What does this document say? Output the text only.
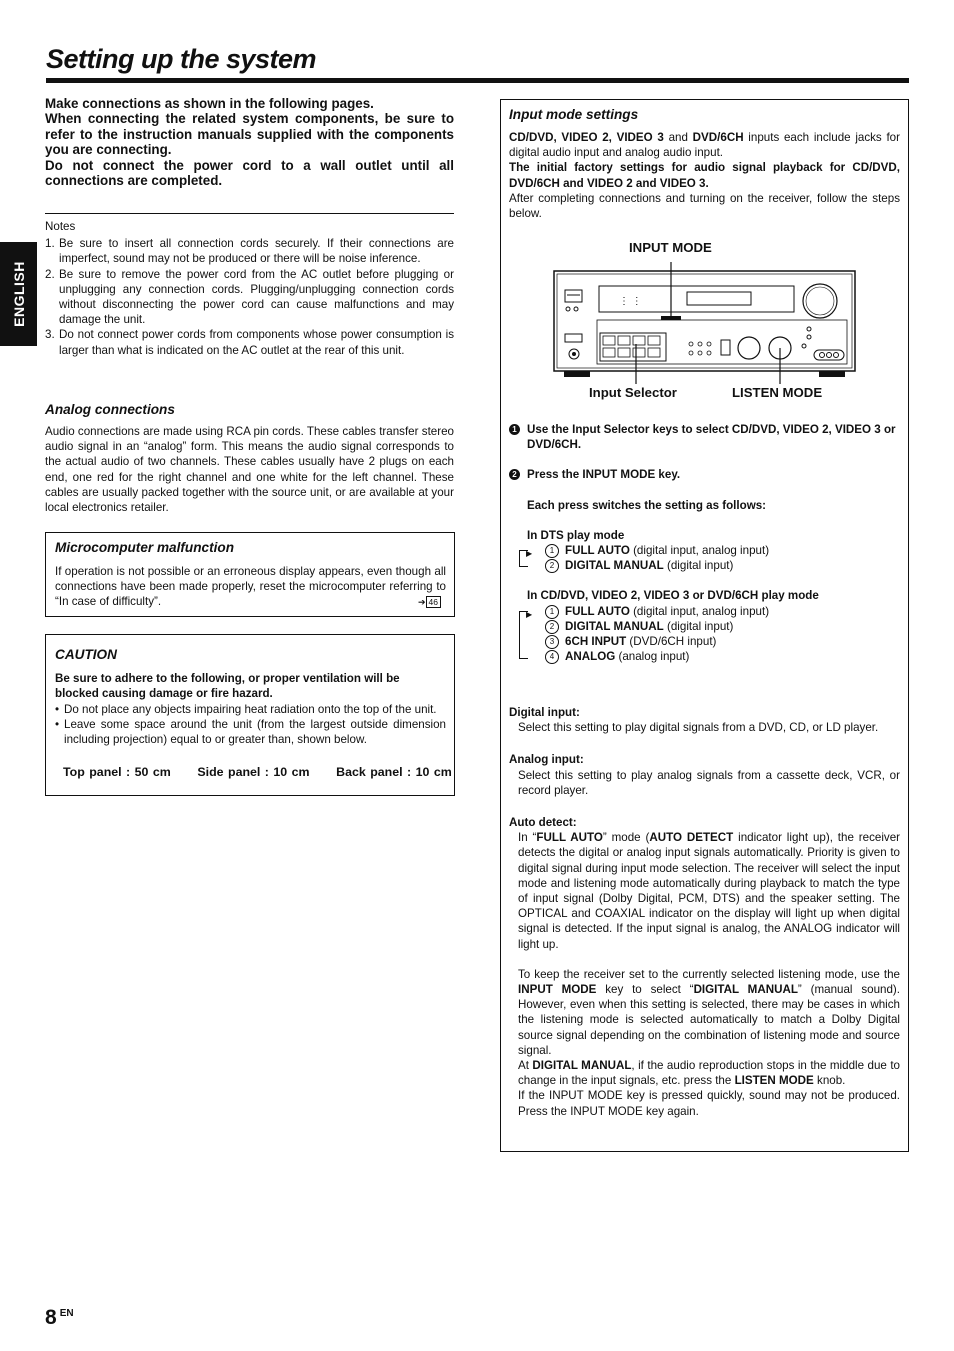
Setting up the system
ENGLISH

Make connections as shown in the following pages.

When connecting the related system components, be sure to refer to the instruction manuals supplied with the components you are connecting.

Do not connect the power cord to a wall outlet until all connections are completed.

Notes
1. Be sure to insert all connection cords securely. If their connections are imperfect, sound may not be produced or there will be noise inference.
2. Be sure to remove the power cord from the AC outlet before plugging or unplugging any connection cords. Plugging/unplugging connection cords without disconnecting the power cord can cause malfunctions and may damage the unit.
3. Do not connect power cords from components whose power consumption is larger than what is indicated on the AC outlet at the rear of this unit.
Analog connections
Audio connections are made using RCA pin cords. These cables transfer stereo audio signal in an “analog” form. This means the audio signal corresponds to the actual audio of two channels. These cables usually have 2 plugs on each end, one red for the right channel and one white for the left channel. These cables are usually packed together with the source unit, or are available at your local electronics retailer.
Microcomputer malfunction
If operation is not possible or an erroneous display appears, even though all connections have been made properly, reset the microcomputer referring to “In case of difficulty”.	➔ 46
CAUTION
Be sure to adhere to the following, or proper ventilation will be blocked causing damage or fire hazard.
• Do not place any objects impairing heat radiation onto the top of the unit.
• Leave some space around the unit (from the largest outside dimension including projection) equal to or greater than, shown below.
Top panel : 50 cm      Side panel : 10 cm      Back panel : 10 cm
Input mode settings
CD/DVD, VIDEO 2, VIDEO 3 and DVD/6CH inputs each include jacks for digital audio input and analog audio input.
The initial factory settings for audio signal playback for CD/DVD, DVD/6CH and VIDEO 2 and VIDEO 3.
After completing connections and turning on the receiver, follow the steps below.
INPUT MODE
⋮ ⋮
Input Selector	LISTEN MODE
1 Use the Input Selector keys to select CD/DVD, VIDEO 2, VIDEO 3 or DVD/6CH.
2 Press the INPUT MODE key.
Each press switches the setting as follows:
In DTS play mode
▶	1 FULL AUTO (digital input, analog input)
2 DIGITAL MANUAL (digital input)
In CD/DVD, VIDEO 2, VIDEO 3 or DVD/6CH play mode
▶	1 FULL AUTO (digital input, analog input)
2 DIGITAL MANUAL (digital input)
3 6CH INPUT (DVD/6CH input)
4 ANALOG (analog input)
Digital input:
Select this setting to play digital signals from a DVD, CD, or LD player.
Analog input:
Select this setting to play analog signals from a cassette deck, VCR, or record player.
Auto detect:
In “FULL AUTO” mode (AUTO DETECT indicator light up), the receiver detects the digital or analog input signals automatically. Priority is given to digital signal during input mode selection. The receiver will select the input mode and listening mode automatically during playback to match the type of input signal (Dolby Digital, PCM, DTS) and the speaker setting. The OPTICAL and COAXIAL indicator on the display will light up when digital signal is detected. If the input signal is analog, the ANALOG indicator will light up.
To keep the receiver set to the currently selected listening mode, use the INPUT MODE key to select “DIGITAL MANUAL” (manual sound). However, even when this setting is selected, there may be cases in which the listening mode is selected automatically to match a Dolby Digital source signal depending on the combination of listening mode and source signal.
At DIGITAL MANUAL, if the audio reproduction stops in the middle due to change in the input signals, etc. press the LISTEN MODE knob.
If the INPUT MODE key is pressed quickly, sound may not be produced. Press the INPUT MODE key again.
8 $^{EN}$
